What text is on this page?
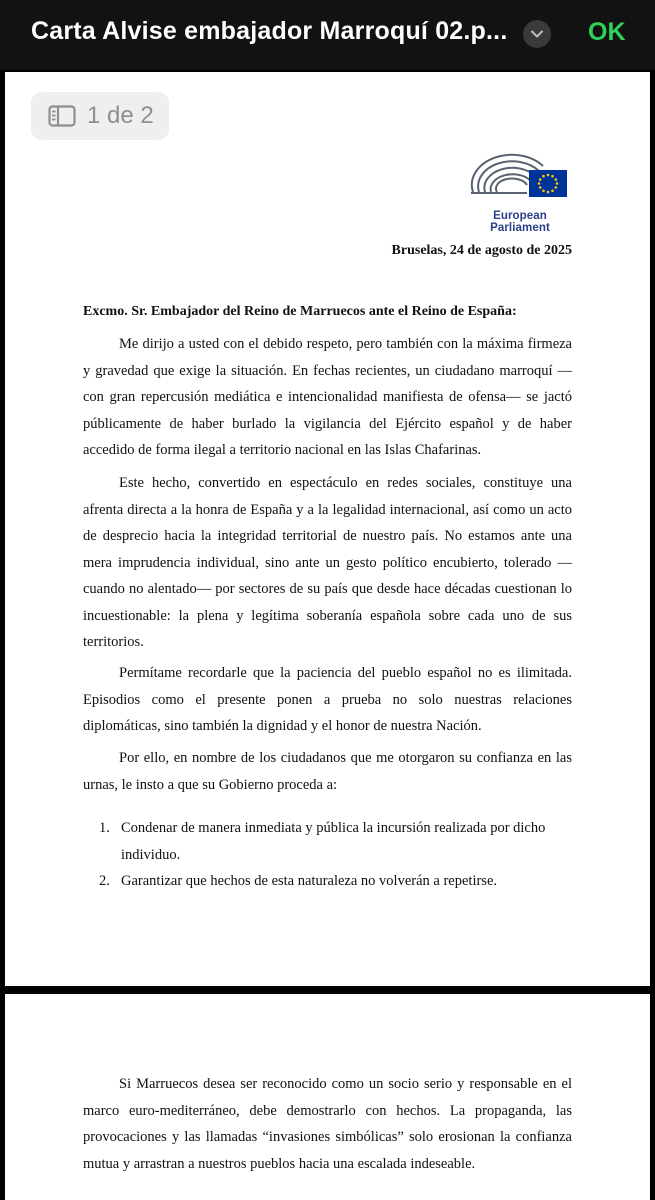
Carta Alvise embajador Marroquí 02.p...	OK
1 de 2
European Parliament
Bruselas, 24 de agosto de 2025
Excmo. Sr. Embajador del Reino de Marruecos ante el Reino de España:
Me dirijo a usted con el debido respeto, pero también con la máxima firmeza y gravedad que exige la situación. En fechas recientes, un ciudadano marroquí —con gran repercusión mediática e intencionalidad manifiesta de ofensa— se jactó públicamente de haber burlado la vigilancia del Ejército español y de haber accedido de forma ilegal a territorio nacional en las Islas Chafarinas.
Este hecho, convertido en espectáculo en redes sociales, constituye una afrenta directa a la honra de España y a la legalidad internacional, así como un acto de desprecio hacia la integridad territorial de nuestro país. No estamos ante una mera imprudencia individual, sino ante un gesto político encubierto, tolerado —cuando no alentado— por sectores de su país que desde hace décadas cuestionan lo incuestionable: la plena y legítima soberanía española sobre cada uno de sus territorios.
Permítame recordarle que la paciencia del pueblo español no es ilimitada. Episodios como el presente ponen a prueba no solo nuestras relaciones diplomáticas, sino también la dignidad y el honor de nuestra Nación.
Por ello, en nombre de los ciudadanos que me otorgaron su confianza en las urnas, le insto a que su Gobierno proceda a:
1. Condenar de manera inmediata y pública la incursión realizada por dicho individuo.
2. Garantizar que hechos de esta naturaleza no volverán a repetirse.
Si Marruecos desea ser reconocido como un socio serio y responsable en el marco euro-mediterráneo, debe demostrarlo con hechos. La propaganda, las provocaciones y las llamadas “invasiones simbólicas” solo erosionan la confianza mutua y arrastran a nuestros pueblos hacia una escalada indeseable.
